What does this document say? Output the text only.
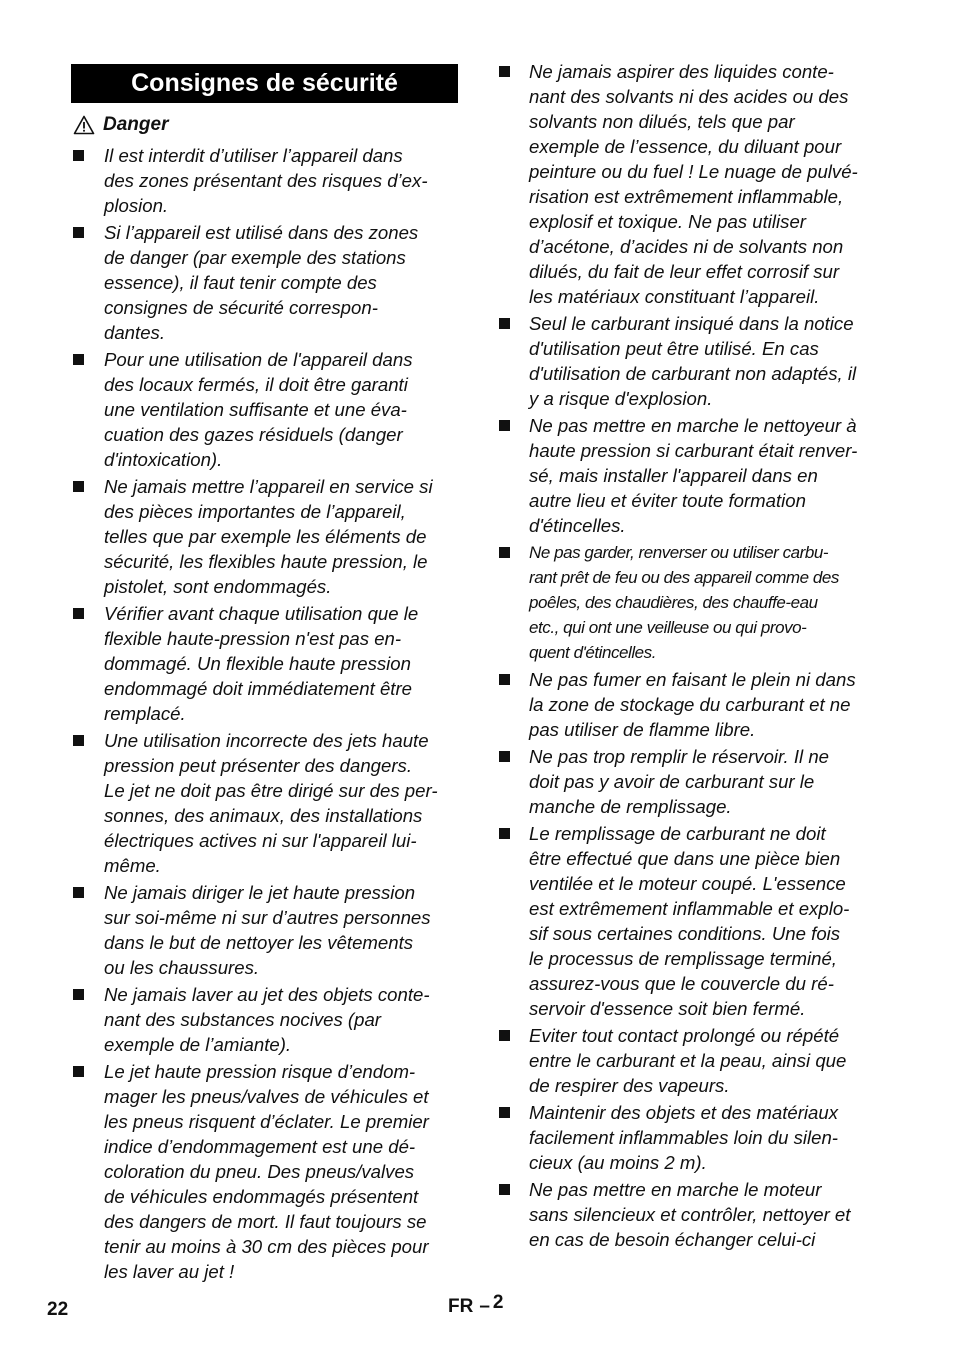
Consignes de sécurité
Danger
Il est interdit d’utiliser l’appareil dans
des zones présentant des risques d’ex-
plosion.
Si l’appareil est utilisé dans des zones
de danger (par exemple des stations
essence), il faut tenir compte des
consignes de sécurité correspon-
dantes.
Pour une utilisation de l'appareil dans
des locaux fermés, il doit être garanti
une ventilation suffisante et une éva-
cuation des gazes résiduels (danger
d'intoxication).
Ne jamais mettre l’appareil en service si
des pièces importantes de l’appareil,
telles que par exemple les éléments de
sécurité, les flexibles haute pression, le
pistolet, sont endommagés.
Vérifier avant chaque utilisation que le
flexible haute-pression n'est pas en-
dommagé. Un flexible haute pression
endommagé doit immédiatement être
remplacé.
Une utilisation incorrecte des jets haute
pression peut présenter des dangers.
Le jet ne doit pas être dirigé sur des per-
sonnes, des animaux, des installations
électriques actives ni sur l'appareil lui-
même.
Ne jamais diriger le jet haute pression
sur soi-même ni sur d’autres personnes
dans le but de nettoyer les vêtements
ou les chaussures.
Ne jamais laver au jet des objets conte-
nant des substances nocives (par
exemple de l’amiante).
Le jet haute pression risque d’endom-
mager les pneus/valves de véhicules et
les pneus risquent d’éclater. Le premier
indice d’endommagement est une dé-
coloration du pneu. Des pneus/valves
de véhicules endommagés présentent
des dangers de mort. Il faut toujours se
tenir au moins à 30 cm des pièces pour
les laver au jet !
Ne jamais aspirer des liquides conte-
nant des solvants ni des acides ou des
solvants non dilués, tels que par
exemple de l’essence, du diluant pour
peinture ou du fuel ! Le nuage de pulvé-
risation est extrêmement inflammable,
explosif et toxique. Ne pas utiliser
d’acétone, d’acides ni de solvants non
dilués, du fait de leur effet corrosif sur
les matériaux constituant l’appareil.
Seul le carburant insiqué dans la notice
d'utilisation peut être utilisé. En cas
d'utilisation de carburant non adaptés, il
y a risque d'explosion.
Ne pas mettre en marche le nettoyeur à
haute pression si carburant était renver-
sé, mais installer l'appareil dans en
autre lieu et éviter toute formation
d'étincelles.
Ne pas garder, renverser ou utiliser carbu-
rant prêt de feu ou des appareil comme des
poêles, des chaudières, des chauffe-eau
etc., qui ont une veilleuse ou qui provo-
quent d'étincelles.
Ne pas fumer en faisant le plein ni dans
la zone de stockage du carburant et ne
pas utiliser de flamme libre.
Ne pas trop remplir le réservoir. Il ne
doit pas y avoir de carburant sur le
manche de remplissage.
Le remplissage de carburant ne doit
être effectué que dans une pièce bien
ventilée et le moteur coupé. L'essence
est extrêmement inflammable et explo-
sif sous certaines conditions. Une fois
le processus de remplissage terminé,
assurez-vous que le couvercle du ré-
servoir d'essence soit bien fermé.
Eviter tout contact prolongé ou répété
entre le carburant et la peau, ainsi que
de respirer des vapeurs.
Maintenir des objets et des matériaux
facilement inflammables loin du silen-
cieux (au moins 2 m).
Ne pas mettre en marche le moteur
sans silencieux et contrôler, nettoyer et
en cas de besoin échanger celui-ci
22	FR – 2
